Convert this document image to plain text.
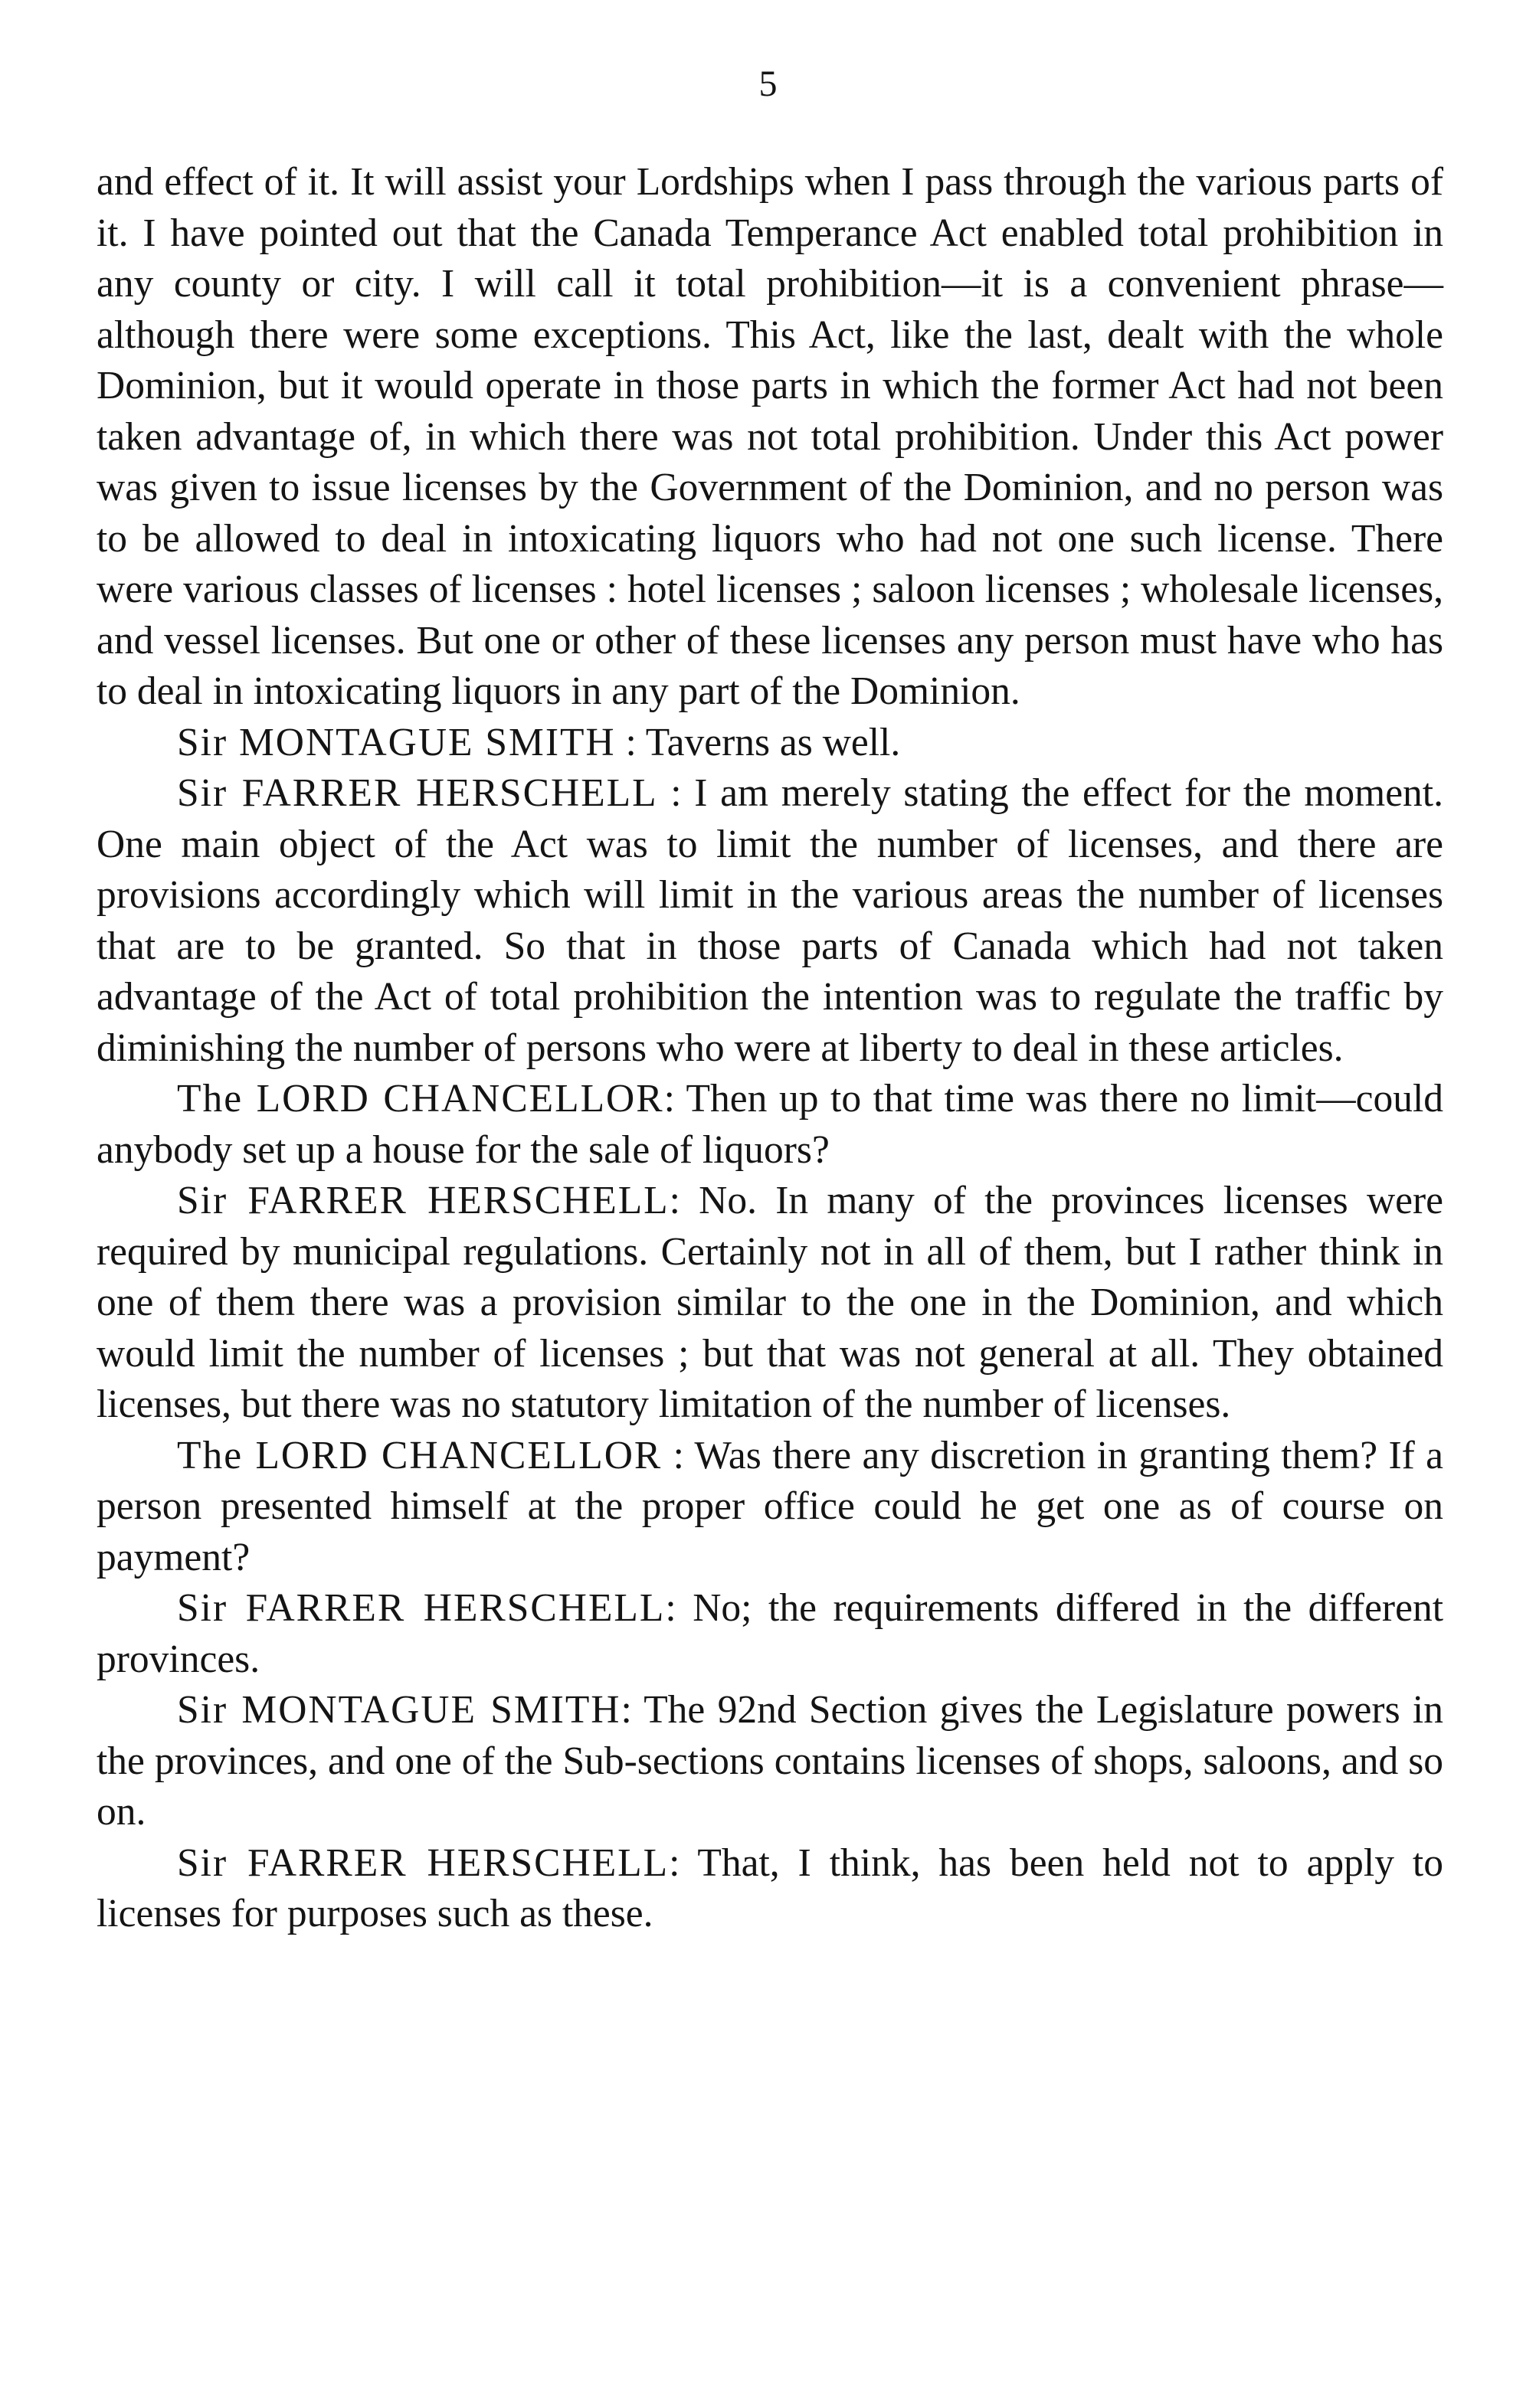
5

and effect of it. It will assist your Lordships when I pass through the various parts of it. I have pointed out that the Canada Temperance Act enabled total prohibition in any county or city. I will call it total prohibition—it is a convenient phrase—although there were some exceptions. This Act, like the last, dealt with the whole Dominion, but it would operate in those parts in which the former Act had not been taken advantage of, in which there was not total prohibition. Under this Act power was given to issue licenses by the Government of the Dominion, and no person was to be allowed to deal in intoxicating liquors who had not one such license. There were various classes of licenses : hotel licenses ; saloon licenses ; wholesale licenses, and vessel licenses. But one or other of these licenses any person must have who has to deal in intoxicating liquors in any part of the Dominion.

Sir MONTAGUE SMITH : Taverns as well.

Sir FARRER HERSCHELL : I am merely stating the effect for the moment. One main object of the Act was to limit the number of licenses, and there are provisions accordingly which will limit in the various areas the number of licenses that are to be granted. So that in those parts of Canada which had not taken advantage of the Act of total prohibition the intention was to regulate the traffic by diminishing the number of persons who were at liberty to deal in these articles.

The LORD CHANCELLOR: Then up to that time was there no limit—could anybody set up a house for the sale of liquors?

Sir FARRER HERSCHELL: No. In many of the provinces licenses were required by municipal regulations. Certainly not in all of them, but I rather think in one of them there was a provision similar to the one in the Dominion, and which would limit the number of licenses ; but that was not general at all. They obtained licenses, but there was no statutory limitation of the number of licenses.

The LORD CHANCELLOR : Was there any discretion in granting them? If a person presented himself at the proper office could he get one as of course on payment?

Sir FARRER HERSCHELL: No; the requirements differed in the different provinces.

Sir MONTAGUE SMITH: The 92nd Section gives the Legislature powers in the provinces, and one of the Sub-sections contains licenses of shops, saloons, and so on.

Sir FARRER HERSCHELL: That, I think, has been held not to apply to licenses for purposes such as these.
